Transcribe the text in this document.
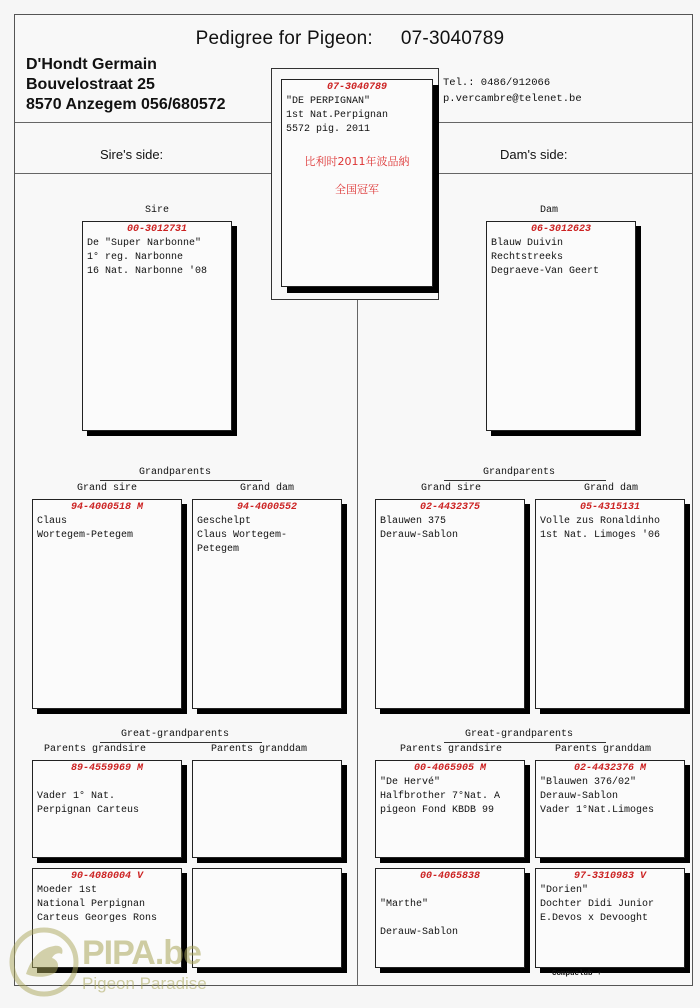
Pedigree for Pigeon: 07-3040789
D'Hondt Germain
Bouvelostraat 25
8570 Anzegem 056/680572
Tel.: 0486/912066
p.vercambre@telenet.be
Sire's side:	Dam's side:
07-3040789
"DE PERPIGNAN"
1st Nat.Perpignan
5572 pig. 2011
比利时2011年波品納
全国冠军
Sire	Dam
00-3012731
De "Super Narbonne"
1° reg. Narbonne
16 Nat. Narbonne '08
06-3012623
Blauw Duivin
Rechtstreeks
Degraeve-Van Geert
Grandparents
Grand sire	Grand dam
Grandparents
Grand sire	Grand dam
94-4000518 M
Claus
Wortegem-Petegem
94-4000552
Geschelpt
Claus Wortegem-
Petegem
02-4432375
Blauwen 375
Derauw-Sablon
05-4315131
Volle zus Ronaldinho
1st Nat. Limoges '06
Great-grandparents
Parents grandsire	Parents granddam
Great-grandparents
Parents grandsire	Parents granddam
89-4559969 M

Vader 1° Nat.
Perpignan Carteus
90-4080004 V
Moeder 1st
National Perpignan
Carteus Georges Rons
00-4065905 M
"De Hervé"
Halfbrother 7°Nat. A
pigeon Fond KBDB 99
02-4432376 M
"Blauwen 376/02"
Derauw-Sablon
Vader 1°Nat.Limoges
00-4065838

"Marthe"

Derauw-Sablon
97-3310983 V
"Dorien"
Dochter Didi Junior
E.Devos x Devooght
Compuclub +
PIPA.be
Pigeon Paradise
